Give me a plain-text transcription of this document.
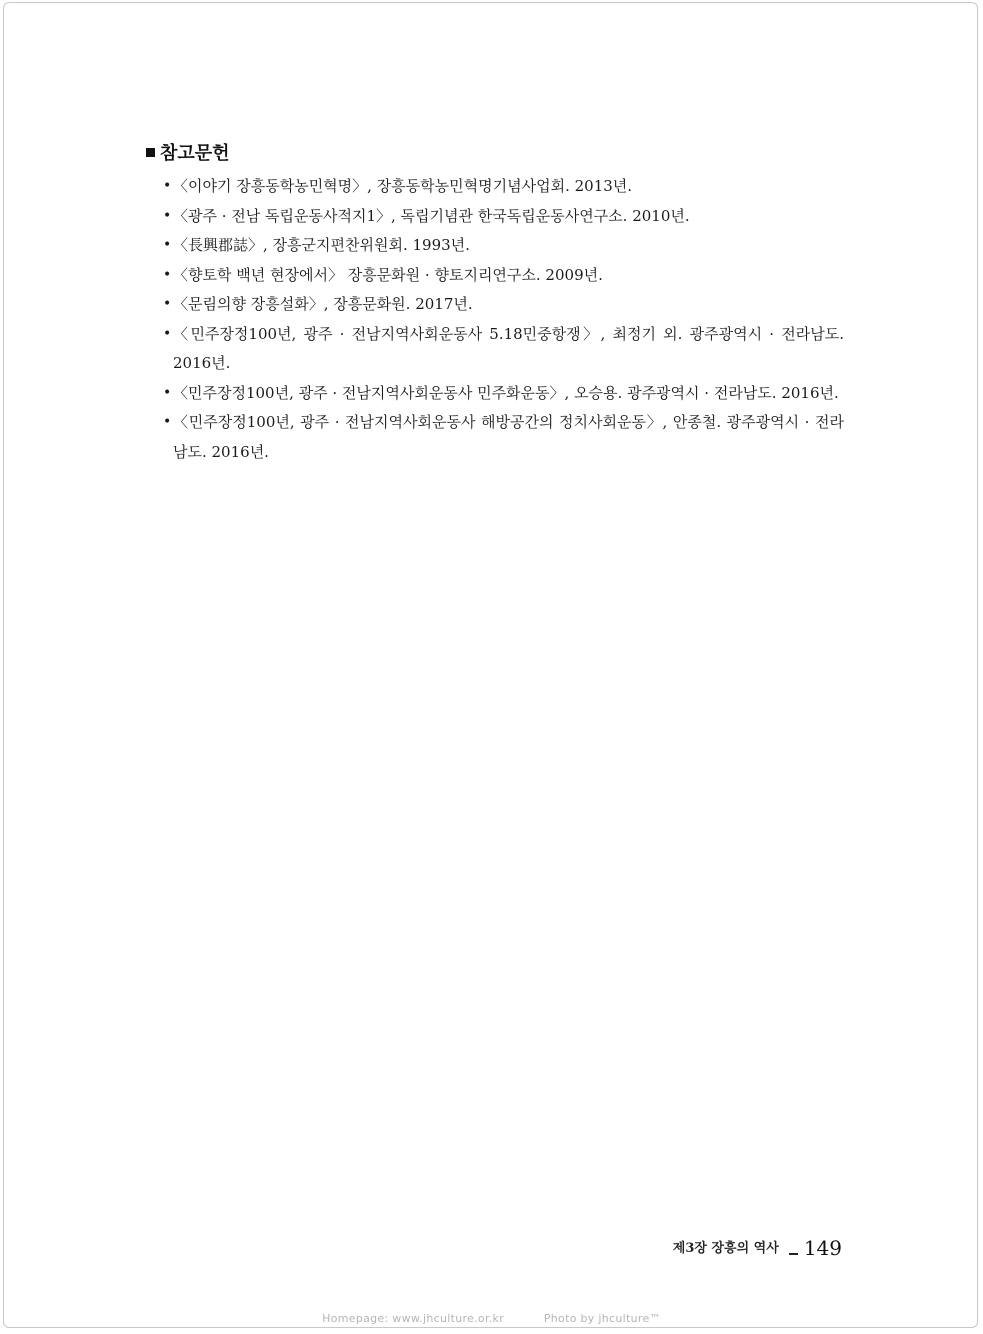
참고문헌
• 〈이야기 장흥동학농민혁명〉, 장흥동학농민혁명기념사업회. 2013년.
• 〈광주 · 전남 독립운동사적지1〉, 독립기념관 한국독립운동사연구소. 2010년.
• 〈長興郡誌〉, 장흥군지편찬위원회. 1993년.
• 〈향토학 백년 현장에서〉 장흥문화원 · 향토지리연구소. 2009년.
• 〈문림의향 장흥설화〉, 장흥문화원. 2017년.
• 〈민주장정100년, 광주 · 전남지역사회운동사 5.18민중항쟁〉, 최정기 외. 광주광역시 · 전라남도. 2016년.
• 〈민주장정100년, 광주 · 전남지역사회운동사 민주화운동〉, 오승용. 광주광역시 · 전라남도. 2016년.
• 〈민주장정100년, 광주 · 전남지역사회운동사 해방공간의 정치사회운동〉, 안종철. 광주광역시 · 전라남도. 2016년.
제3장 장흥의 역사 149
Homepage: www.jhculture.or.kr	Photo by jhculture™
